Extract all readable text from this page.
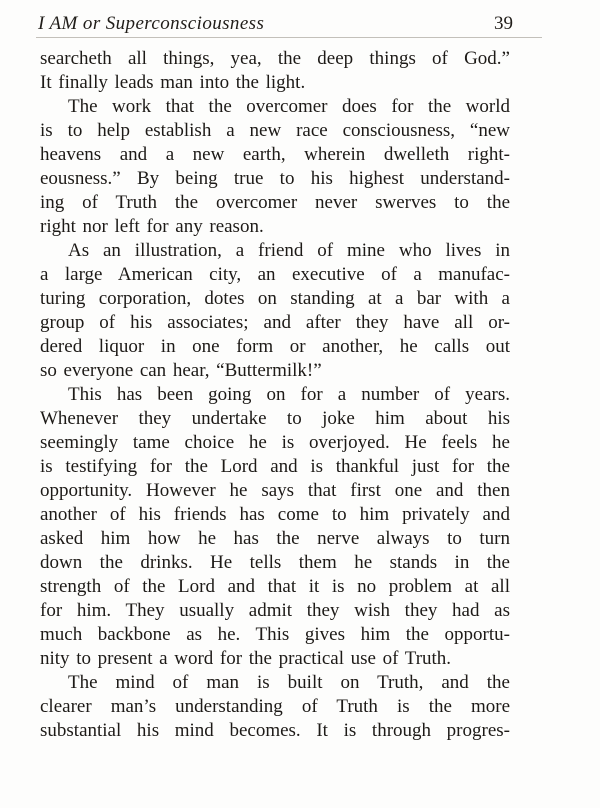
I AM or Superconsciousness	39
searcheth all things, yea, the deep things of God.”
It finally leads man into the light.
The work that the overcomer does for the world
is to help establish a new race consciousness, “new
heavens and a new earth, wherein dwelleth right-
eousness.” By being true to his highest understand-
ing of Truth the overcomer never swerves to the
right nor left for any reason.
As an illustration, a friend of mine who lives in
a large American city, an executive of a manufac-
turing corporation, dotes on standing at a bar with a
group of his associates; and after they have all or-
dered liquor in one form or another, he calls out
so everyone can hear, “Buttermilk!”
This has been going on for a number of years.
Whenever they undertake to joke him about his
seemingly tame choice he is overjoyed. He feels he
is testifying for the Lord and is thankful just for the
opportunity. However he says that first one and then
another of his friends has come to him privately and
asked him how he has the nerve always to turn
down the drinks. He tells them he stands in the
strength of the Lord and that it is no problem at all
for him. They usually admit they wish they had as
much backbone as he. This gives him the opportu-
nity to present a word for the practical use of Truth.
The mind of man is built on Truth, and the
clearer man’s understanding of Truth is the more
substantial his mind becomes. It is through progres-
